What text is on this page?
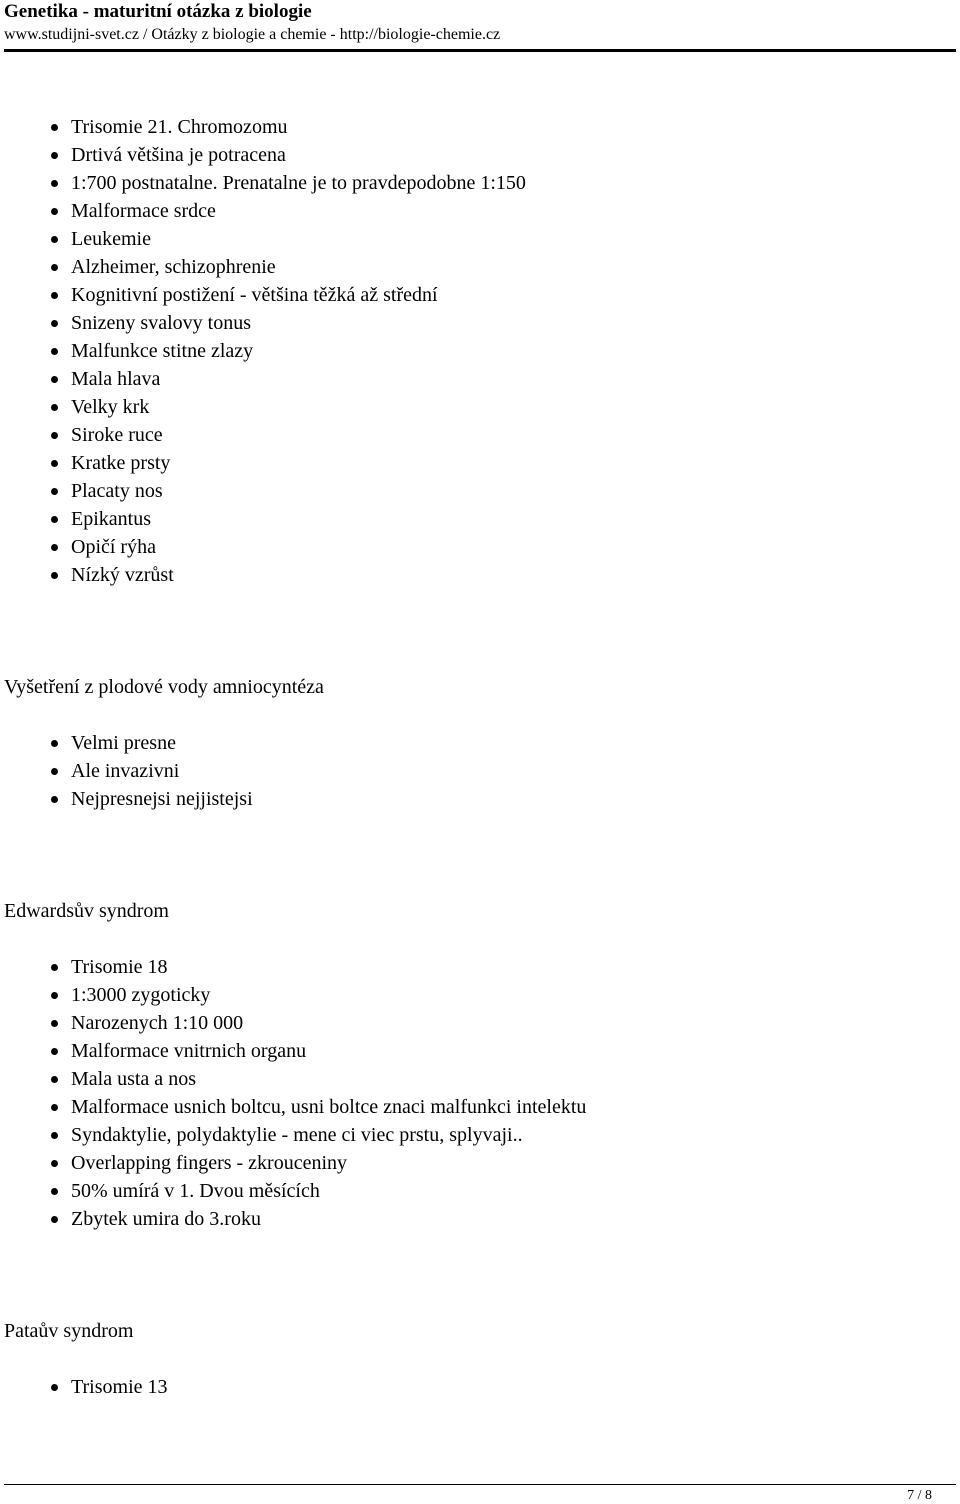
Genetika - maturitní otázka z biologie
www.studijni-svet.cz / Otázky z biologie a chemie - http://biologie-chemie.cz
Trisomie 21. Chromozomu
Drtivá většina je potracena
1:700 postnatalne. Prenatalne je to pravdepodobne 1:150
Malformace srdce
Leukemie
Alzheimer, schizophrenie
Kognitivní postižení - většina těžká až střední
Snizeny svalovy tonus
Malfunkce stitne zlazy
Mala hlava
Velky krk
Siroke ruce
Kratke prsty
Placaty nos
Epikantus
Opičí rýha
Nízký vzrůst
Vyšetření z plodové vody amniocyntéza
Velmi presne
Ale invazivni
Nejpresnejsi nejjistejsi
Edwardsův syndrom
Trisomie 18
1:3000 zygoticky
Narozenych 1:10 000
Malformace vnitrnich organu
Mala usta a nos
Malformace usnich boltcu, usni boltce znaci malfunkci intelektu
Syndaktylie, polydaktylie - mene ci viec prstu, splyvaji..
Overlapping fingers - zkrouceniny
50% umírá v 1. Dvou měsících
Zbytek umira do 3.roku
Pataův syndrom
Trisomie 13
7 / 8
